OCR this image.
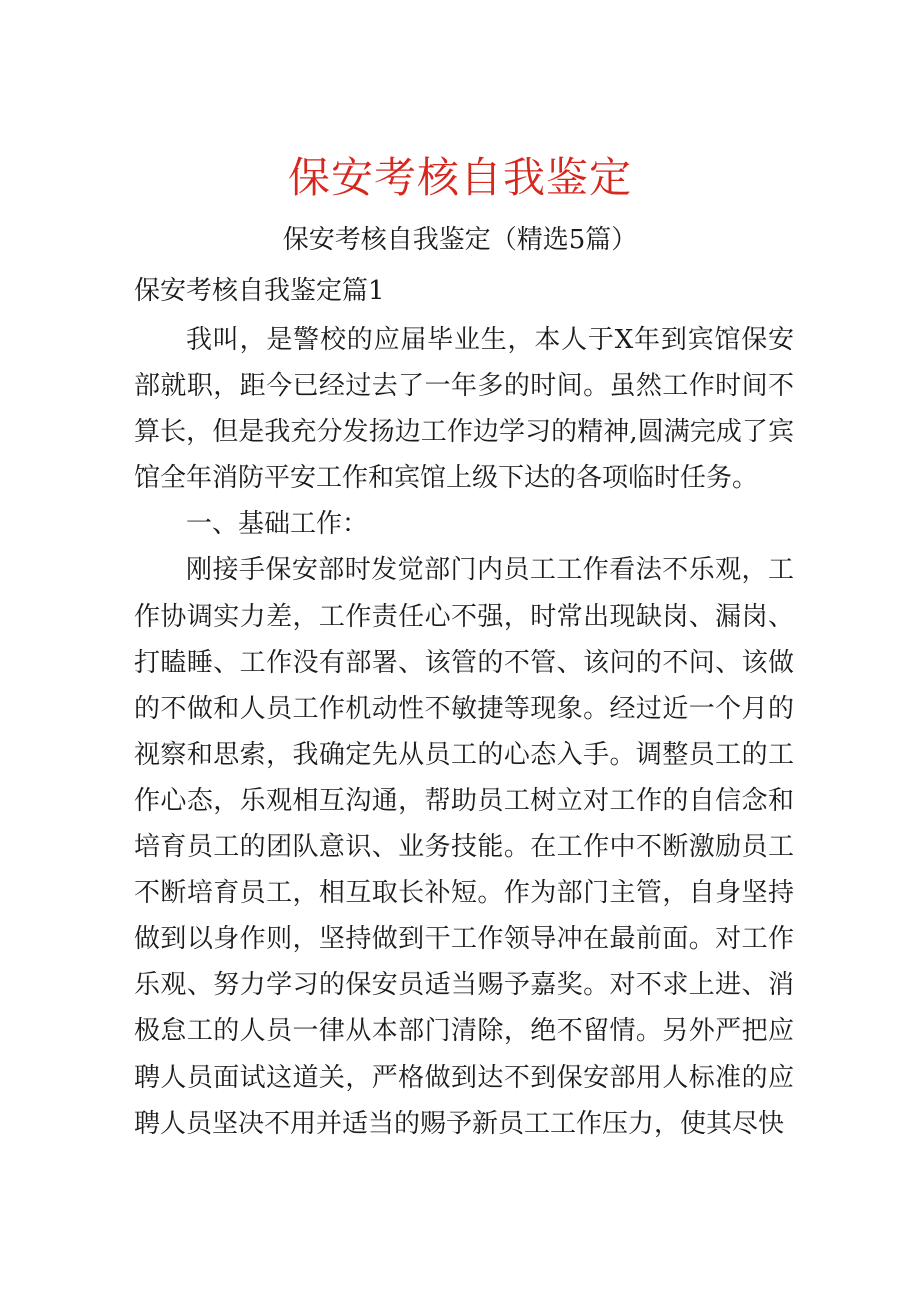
保安考核自我鉴定
保安考核自我鉴定（精选5篇）
保安考核自我鉴定篇1

我叫，是警校的应届毕业生，本人于X年到宾馆保安部就职，距今已经过去了一年多的时间。虽然工作时间不算长，但是我充分发扬边工作边学习的精神,圆满完成了宾馆全年消防平安工作和宾馆上级下达的各项临时任务。

一、基础工作：

刚接手保安部时发觉部门内员工工作看法不乐观，工作协调实力差，工作责任心不强，时常出现缺岗、漏岗、打瞌睡、工作没有部署、该管的不管、该问的不问、该做的不做和人员工作机动性不敏捷等现象。经过近一个月的视察和思索，我确定先从员工的心态入手。调整员工的工作心态，乐观相互沟通，帮助员工树立对工作的自信念和培育员工的团队意识、业务技能。在工作中不断激励员工不断培育员工，相互取长补短。作为部门主管，自身坚持做到以身作则，坚持做到干工作领导冲在最前面。对工作乐观、努力学习的保安员适当赐予嘉奖。对不求上进、消极怠工的人员一律从本部门清除，绝不留情。另外严把应聘人员面试这道关，严格做到达不到保安部用人标准的应聘人员坚决不用并适当的赐予新员工工作压力，使其尽快
